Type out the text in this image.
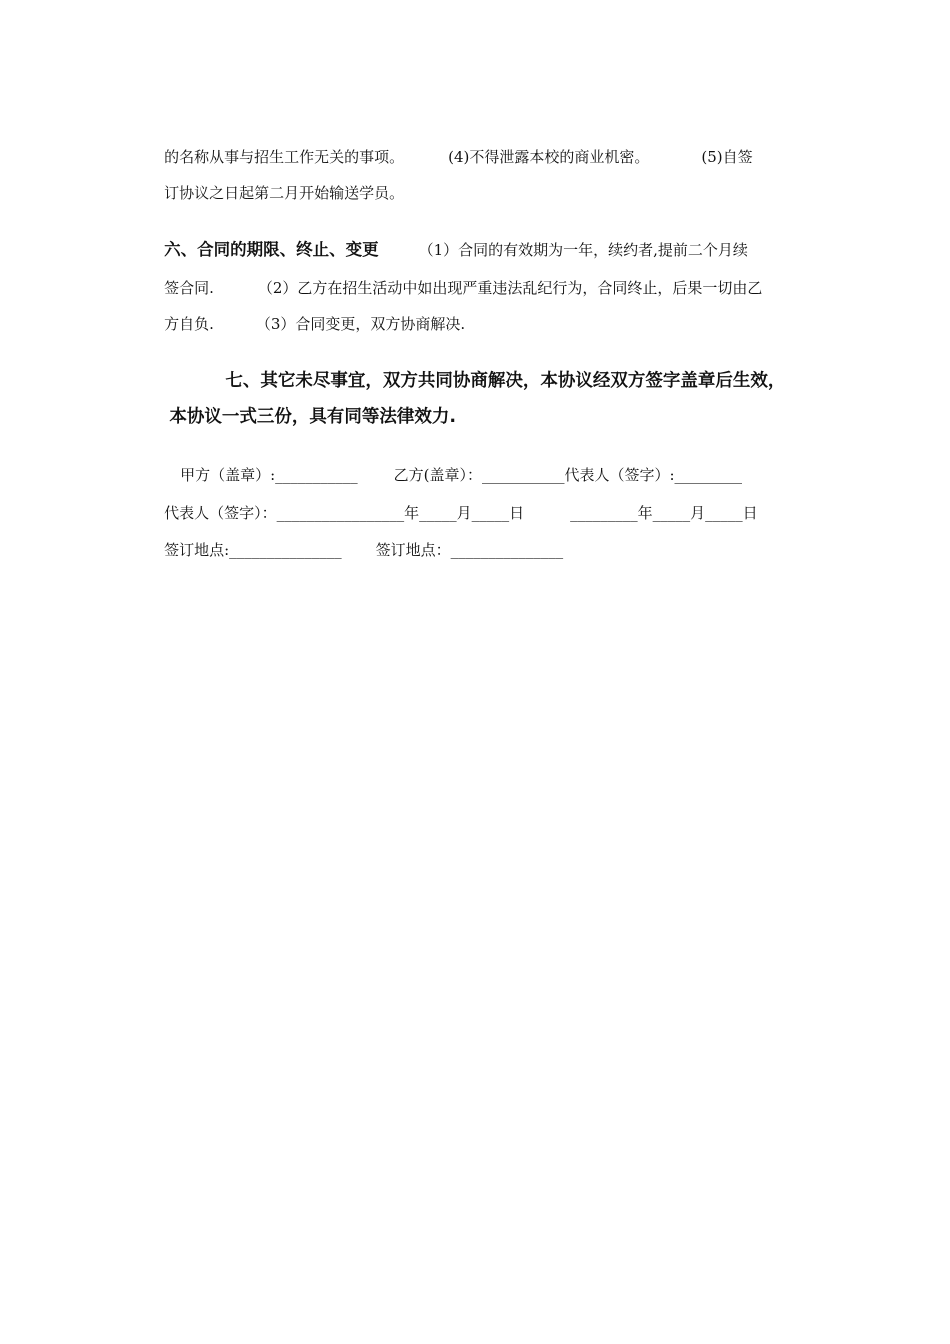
的名称从事与招生工作无关的事项。	(4)不得泄露本校的商业机密。	(5)自签

订协议之日起第二月开始输送学员。

六、合同的期限、终止、变更	（1）合同的有效期为一年，续约者,提前二个月续

签合同.	（2）乙方在招生活动中如出现严重违法乱纪行为，合同终止，后果一切由乙

方自负.	（3）合同变更，双方协商解决.

七、其它未尽事宜，双方共同协商解决，本协议经双方签字盖章后生效，

本协议一式三份，具有同等法律效力.

甲方（盖章）:___________ 乙方(盖章）：___________代表人（签字）:_________

代表人（签字）：_________________年_____月_____日	_________年_____月_____日

签订地点:_______________ 签订地点：_______________
